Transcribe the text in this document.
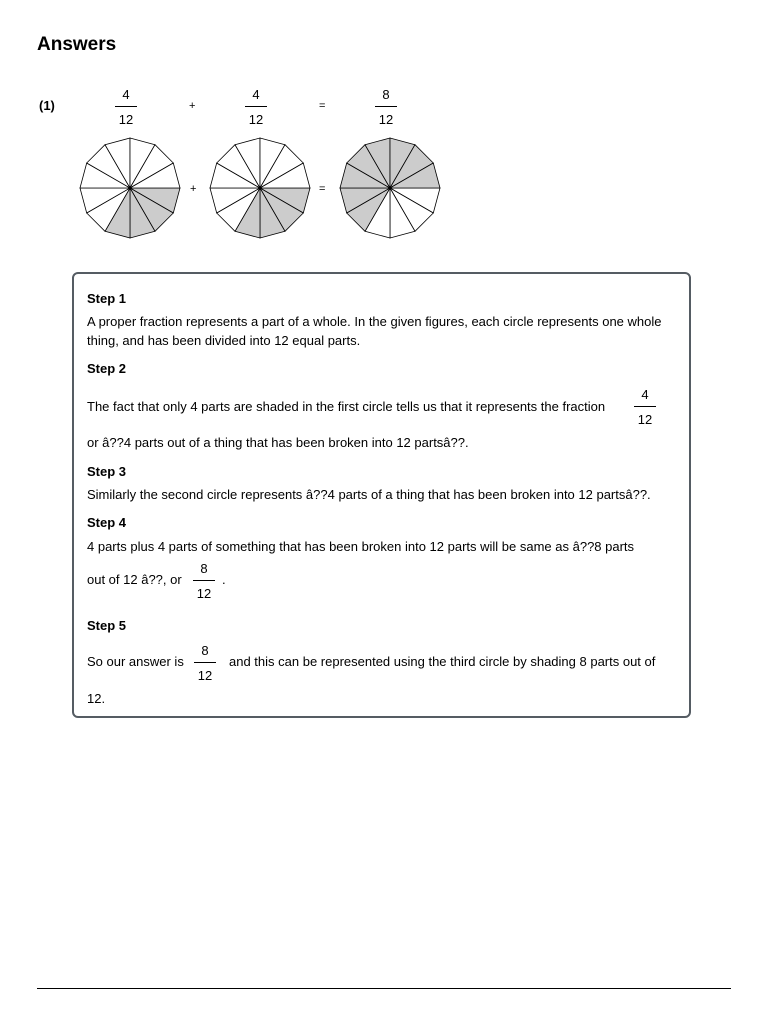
Answers
(1)
4
12
+
4
12
=
8
12
+	=
Step 1
A proper fraction represents a part of a whole. In the given figures, each circle represents one whole thing, and has been divided into 12 equal parts.
Step 2
The fact that only 4 parts are shaded in the first circle tells us that it represents the fraction
4
12
or â??4 parts out of a thing that has been broken into 12 partsâ??.
Step 3
Similarly the second circle represents â??4 parts of a thing that has been broken into 12 partsâ??.
Step 4
4 parts plus 4 parts of something that has been broken into 12 parts will be same as â??8 parts
out of 12 â??, or
8
12
.
Step 5
So our answer is
8
12
and this can be represented using the third circle by shading 8 parts out of
12.
